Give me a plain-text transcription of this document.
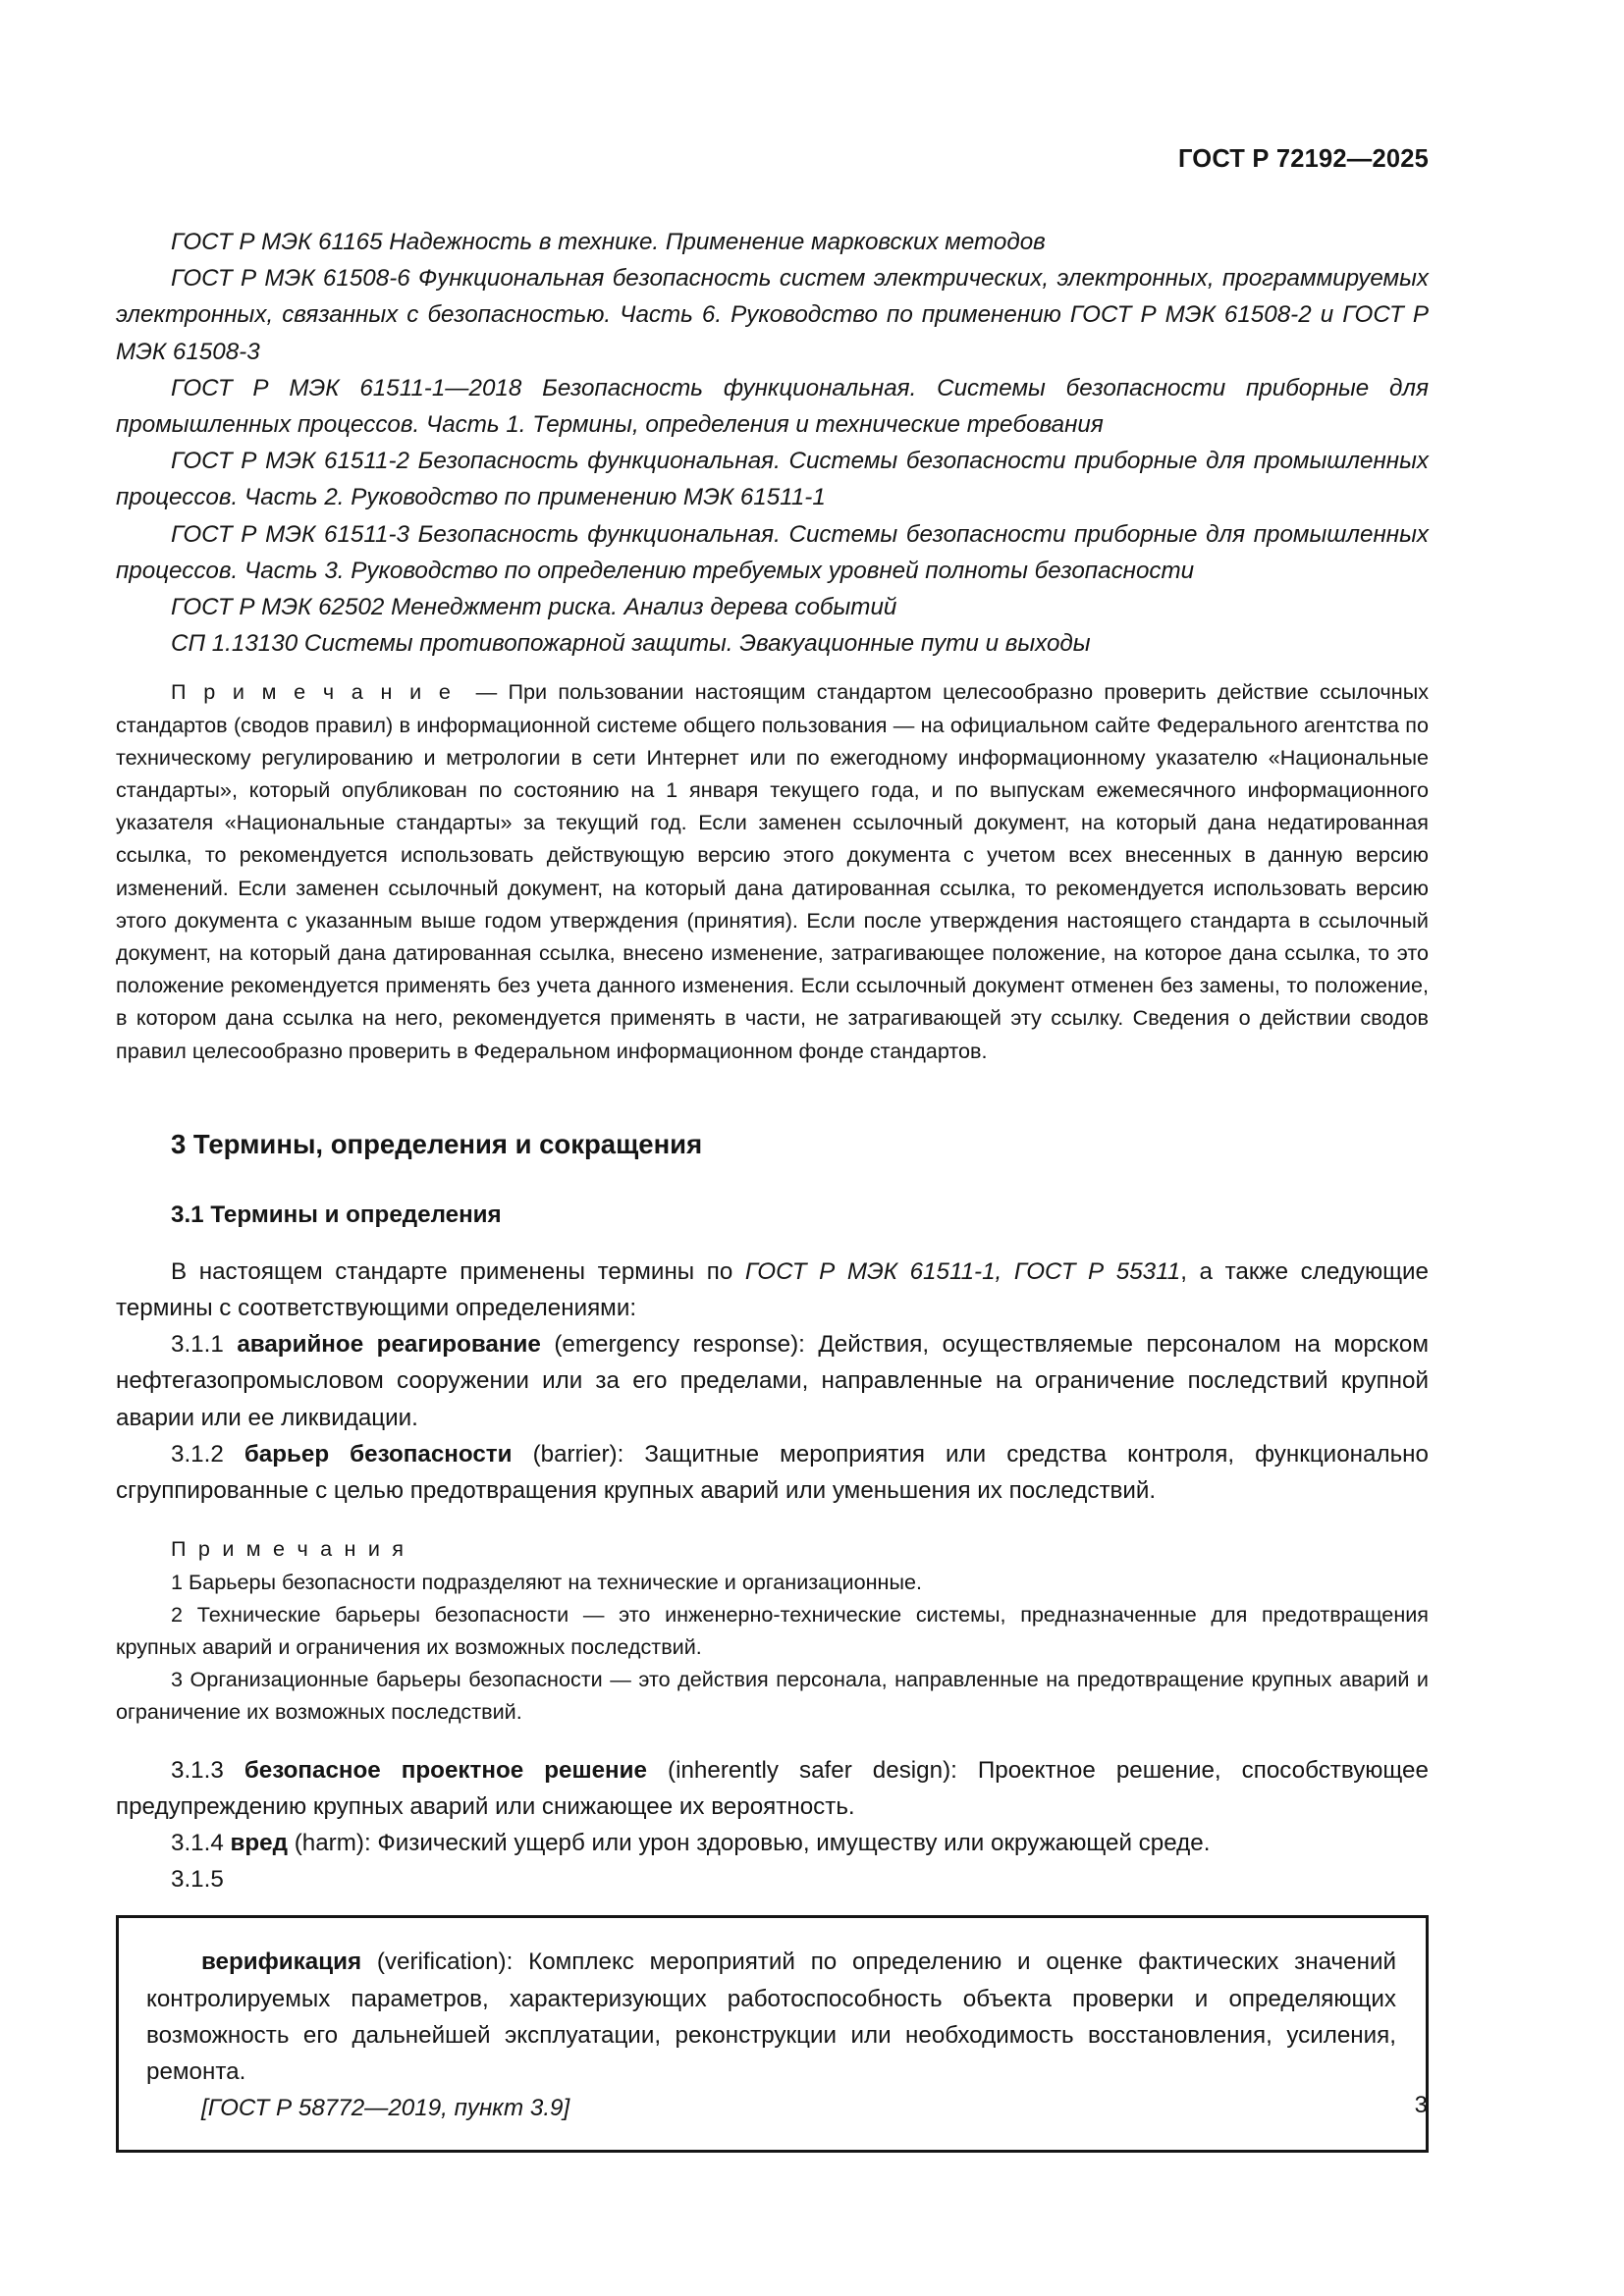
ГОСТ Р 72192—2025

ГОСТ Р МЭК 61165 Надежность в технике. Применение марковских методов

ГОСТ Р МЭК 61508-6 Функциональная безопасность систем электрических, электронных, программируемых электронных, связанных с безопасностью. Часть 6. Руководство по применению ГОСТ Р МЭК 61508-2 и ГОСТ Р МЭК 61508-3

ГОСТ Р МЭК 61511-1—2018 Безопасность функциональная. Системы безопасности приборные для промышленных процессов. Часть 1. Термины, определения и технические требования

ГОСТ Р МЭК 61511-2 Безопасность функциональная. Системы безопасности приборные для промышленных процессов. Часть 2. Руководство по применению МЭК 61511-1

ГОСТ Р МЭК 61511-3 Безопасность функциональная. Системы безопасности приборные для промышленных процессов. Часть 3. Руководство по определению требуемых уровней полноты безопасности

ГОСТ Р МЭК 62502 Менеджмент риска. Анализ дерева событий

СП 1.13130 Системы противопожарной защиты. Эвакуационные пути и выходы

П р и м е ч а н и е — При пользовании настоящим стандартом целесообразно проверить действие ссылочных стандартов (сводов правил) в информационной системе общего пользования — на официальном сайте Федерального агентства по техническому регулированию и метрологии в сети Интернет или по ежегодному информационному указателю «Национальные стандарты», который опубликован по состоянию на 1 января текущего года, и по выпускам ежемесячного информационного указателя «Национальные стандарты» за текущий год. Если заменен ссылочный документ, на который дана недатированная ссылка, то рекомендуется использовать действующую версию этого документа с учетом всех внесенных в данную версию изменений. Если заменен ссылочный документ, на который дана датированная ссылка, то рекомендуется использовать версию этого документа с указанным выше годом утверждения (принятия). Если после утверждения настоящего стандарта в ссылочный документ, на который дана датированная ссылка, внесено изменение, затрагивающее положение, на которое дана ссылка, то это положение рекомендуется применять без учета данного изменения. Если ссылочный документ отменен без замены, то положение, в котором дана ссылка на него, рекомендуется применять в части, не затрагивающей эту ссылку. Сведения о действии сводов правил целесообразно проверить в Федеральном информационном фонде стандартов.

3 Термины, определения и сокращения
3.1 Термины и определения

В настоящем стандарте применены термины по ГОСТ Р МЭК 61511-1, ГОСТ Р 55311, а также следующие термины с соответствующими определениями:

3.1.1 аварийное реагирование (emergency response): Действия, осуществляемые персоналом на морском нефтегазопромысловом сооружении или за его пределами, направленные на ограничение последствий крупной аварии или ее ликвидации.

3.1.2 барьер безопасности (barrier): Защитные мероприятия или средства контроля, функционально сгруппированные с целью предотвращения крупных аварий или уменьшения их последствий.

П р и м е ч а н и я

1 Барьеры безопасности подразделяют на технические и организационные.

2 Технические барьеры безопасности — это инженерно-технические системы, предназначенные для предотвращения крупных аварий и ограничения их возможных последствий.

3 Организационные барьеры безопасности — это действия персонала, направленные на предотвращение крупных аварий и ограничение их возможных последствий.

3.1.3 безопасное проектное решение (inherently safer design): Проектное решение, способствующее предупреждению крупных аварий или снижающее их вероятность.

3.1.4 вред (harm): Физический ущерб или урон здоровью, имуществу или окружающей среде.

3.1.5

верификация (verification): Комплекс мероприятий по определению и оценке фактических значений контролируемых параметров, характеризующих работоспособность объекта проверки и определяющих возможность его дальнейшей эксплуатации, реконструкции или необходимость восстановления, усиления, ремонта.

[ГОСТ Р 58772—2019, пункт 3.9]	3
